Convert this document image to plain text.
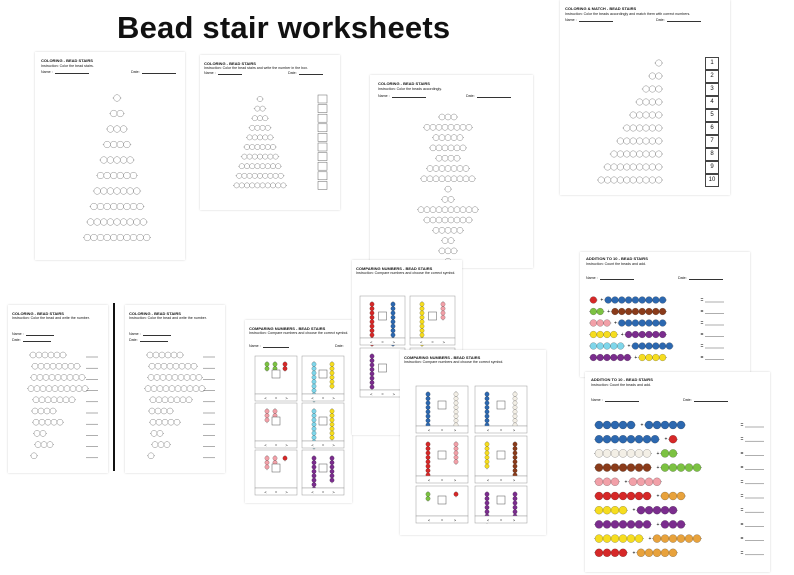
Bead stair worksheets
COLORING - BEAD STAIRS
Instruction: Color the bead stairs.
Name :	Date:
COLORING - BEAD STAIRS
Instruction: Color the bead stairs and write the number in the box.
Name :	Date:
COLORING - BEAD STAIRS
Instruction: Color the beads accordingly.
Name :	Date:
COLORING & MATCH - BEAD STAIRS
Instruction: Color the beads accordingly and match them with correct numbers.
Name :	Date:
1
2
3
4
5
6
7
8
9
10
COLORING - BEAD STAIRS
Instruction: Color the bead and write the number.
Name :
Date:
COLORING - BEAD STAIRS
Instruction: Color the bead and write the number.
Name :
Date:
COMPARING NUMBERS - BEAD STAIRS
Instruction: Compare numbers and choose the correct symbol.
Name :	Date:
< = >	< = >
< = >	< = >
< = >	< = >
COMPARING NUMBERS - BEAD STAIRS
Instruction: Compare numbers and choose the correct symbol.
< = >	< = >
< = >
COMPARING NUMBERS - BEAD STAIRS
Instruction: Compare numbers and choose the correct symbol.
<	=	>	<	=	>
<	=	>	<	=	>
<	=	>	<	=	>
ADDITION TO 10 - BEAD STAIRS
Instruction: Count the beads and add.
Name :	Date:
+	=
+	=
+	=
+	=
+	=
+	=
ADDITION TO 10 - BEAD STAIRS
Instruction: Count the beads and add.
Name :	Date:
+	=
+	=
+	=
+	=
+	=
+	=
+	=
+	=
+	=
+	=
